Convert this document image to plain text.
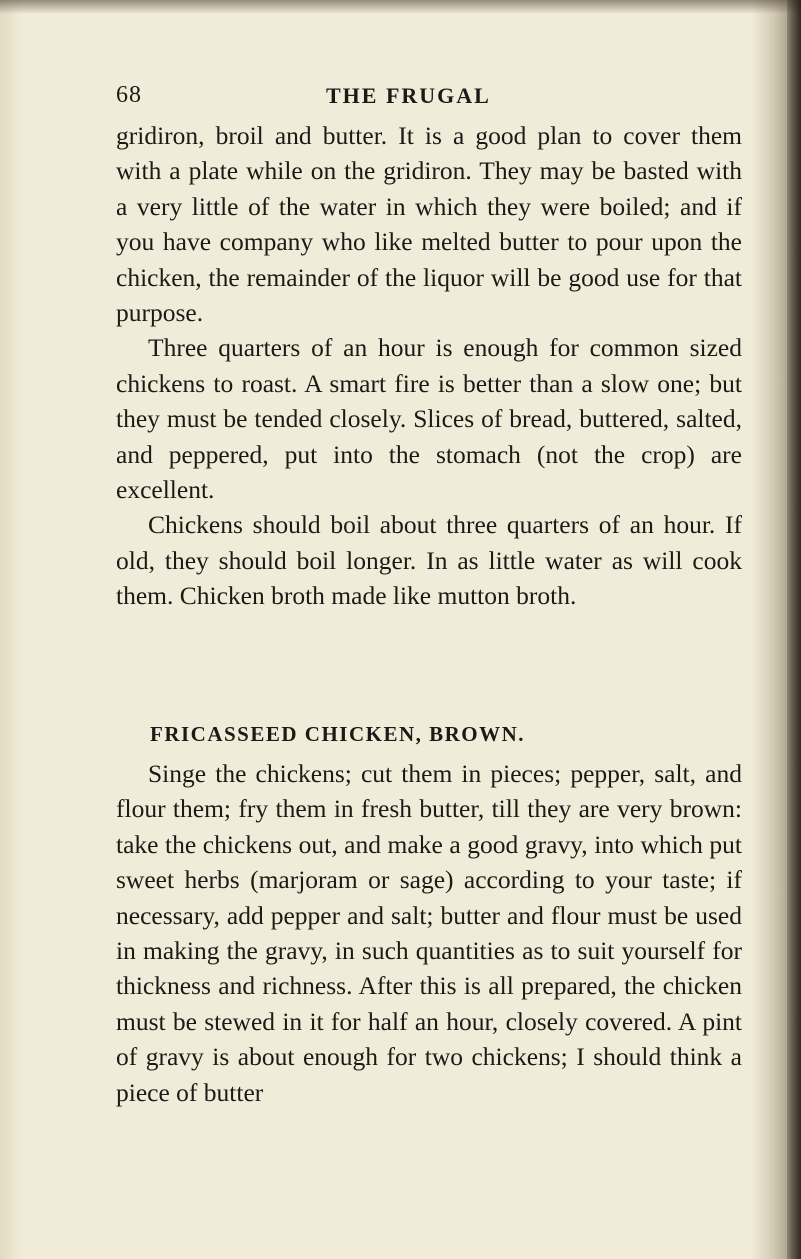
68	THE FRUGAL

gridiron, broil and butter. It is a good plan to cover them with a plate while on the gridiron. They may be basted with a very little of the water in which they were boiled; and if you have company who like melted butter to pour upon the chicken, the remainder of the liquor will be good use for that purpose.

Three quarters of an hour is enough for common sized chickens to roast. A smart fire is better than a slow one; but they must be tended closely. Slices of bread, buttered, salted, and peppered, put into the stomach (not the crop) are excellent.

Chickens should boil about three quarters of an hour. If old, they should boil longer. In as little water as will cook them. Chicken broth made like mutton broth.

FRICASSEED CHICKEN, BROWN.

Singe the chickens; cut them in pieces; pepper, salt, and flour them; fry them in fresh butter, till they are very brown: take the chickens out, and make a good gravy, into which put sweet herbs (marjoram or sage) according to your taste; if necessary, add pepper and salt; butter and flour must be used in making the gravy, in such quantities as to suit yourself for thickness and richness. After this is all prepared, the chicken must be stewed in it for half an hour, closely covered. A pint of gravy is about enough for two chickens; I should think a piece of butter
